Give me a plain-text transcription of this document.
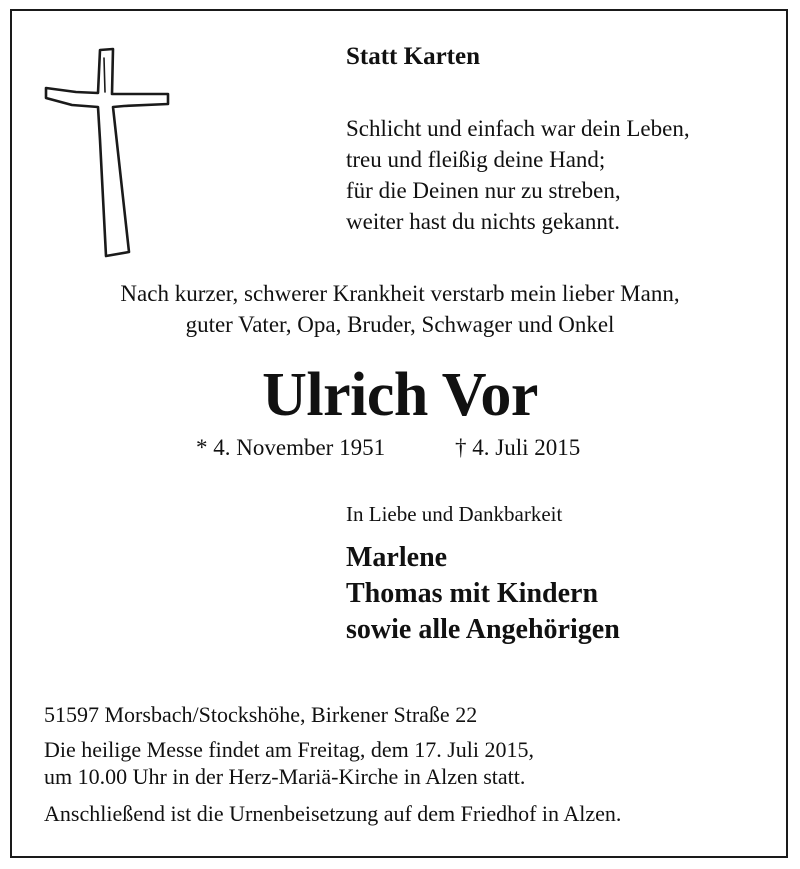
Statt Karten
Schlicht und einfach war dein Leben,
treu und fleißig deine Hand;
für die Deinen nur zu streben,
weiter hast du nichts gekannt.
Nach kurzer, schwerer Krankheit verstarb mein lieber Mann,
guter Vater, Opa, Bruder, Schwager und Onkel
Ulrich Vor
* 4. November 1951	† 4. Juli 2015
In Liebe und Dankbarkeit
Marlene
Thomas mit Kindern
sowie alle Angehörigen
51597 Morsbach/Stockshöhe, Birkener Straße 22
Die heilige Messe findet am Freitag, dem 17. Juli 2015,
um 10.00 Uhr in der Herz-Mariä-Kirche in Alzen statt.
Anschließend ist die Urnenbeisetzung auf dem Friedhof in Alzen.
